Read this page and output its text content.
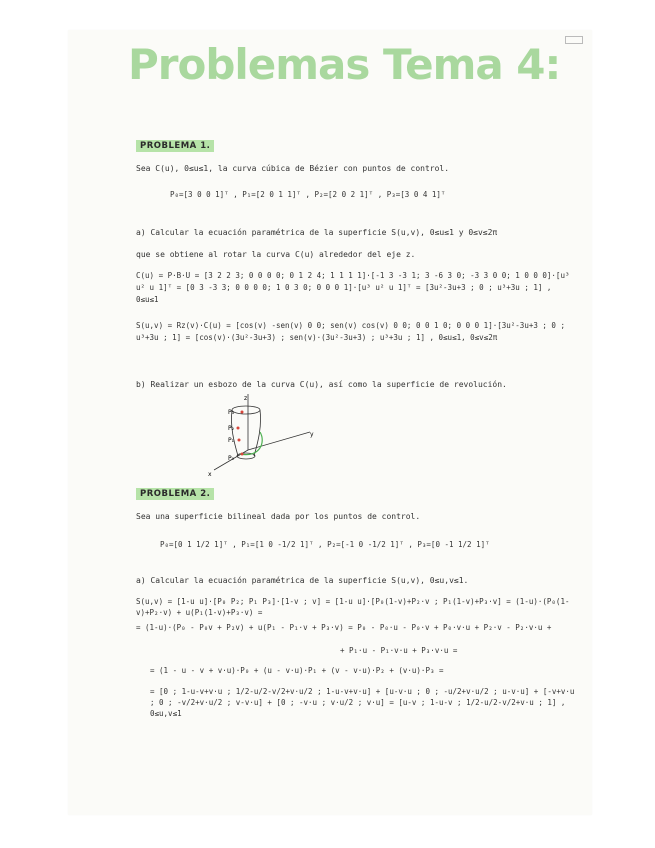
Problemas Tema 4:
PROBLEMA 1.
Sea C(u), 0≤u≤1, la curva cúbica de Bézier con puntos de control.
P₀=[3 0 0 1]ᵀ , P₁=[2 0 1 1]ᵀ , P₂=[2 0 2 1]ᵀ , P₃=[3 0 4 1]ᵀ
a) Calcular la ecuación paramétrica de la superficie S(u,v), 0≤u≤1 y 0≤v≤2π
que se obtiene al rotar la curva C(u) alrededor del eje z.
C(u) = P·B·U = [3 2 2 3; 0 0 0 0; 0 1 2 4; 1 1 1 1]·[-1 3 -3 1; 3 -6 3 0; -3 3 0 0; 1 0 0 0]·[u³ u² u 1]ᵀ = [0 3 -3 3; 0 0 0 0; 1 0 3 0; 0 0 0 1]·[u³ u² u 1]ᵀ = [3u²-3u+3 ; 0 ; u³+3u ; 1] , 0≤u≤1
S(u,v) = Rz(v)·C(u) = [cos(v) -sen(v) 0 0; sen(v) cos(v) 0 0; 0 0 1 0; 0 0 0 1]·[3u²-3u+3 ; 0 ; u³+3u ; 1] = [cos(v)·(3u²-3u+3) ; sen(v)·(3u²-3u+3) ; u³+3u ; 1] , 0≤u≤1, 0≤v≤2π
b) Realizar un esbozo de la curva C(u), así como la superficie de revolución.
z
y
x
P₃
P₂
P₁
P₀
PROBLEMA 2.
Sea una superficie bilineal dada por los puntos de control.
P₀=[0 1 1/2 1]ᵀ , P₁=[1 0 -1/2 1]ᵀ , P₂=[-1 0 -1/2 1]ᵀ , P₃=[0 -1 1/2 1]ᵀ
a) Calcular la ecuación paramétrica de la superficie S(u,v), 0≤u,v≤1.
S(u,v) = [1-u u]·[P₀ P₂; P₁ P₃]·[1-v ; v] = [1-u u]·[P₀(1-v)+P₂·v ; P₁(1-v)+P₃·v] = (1-u)·(P₀(1-v)+P₂·v) + u(P₁(1-v)+P₃·v) =
= (1-u)·(P₀ - P₀v + P₂v) + u(P₁ - P₁·v + P₃·v) = P₀ - P₀·u - P₀·v + P₀·v·u + P₂·v - P₂·v·u +
+ P₁·u - P₁·v·u + P₃·v·u =
= (1 - u - v + v·u)·P₀ + (u - v·u)·P₁ + (v - v·u)·P₂ + (v·u)·P₃ =
= [0 ; 1-u-v+v·u ; 1/2-u/2-v/2+v·u/2 ; 1-u-v+v·u] + [u-v·u ; 0 ; -u/2+v·u/2 ; u-v·u] + [-v+v·u ; 0 ; -v/2+v·u/2 ; v-v·u] + [0 ; -v·u ; v·u/2 ; v·u] = [u-v ; 1-u-v ; 1/2-u/2-v/2+v·u ; 1] , 0≤u,v≤1
